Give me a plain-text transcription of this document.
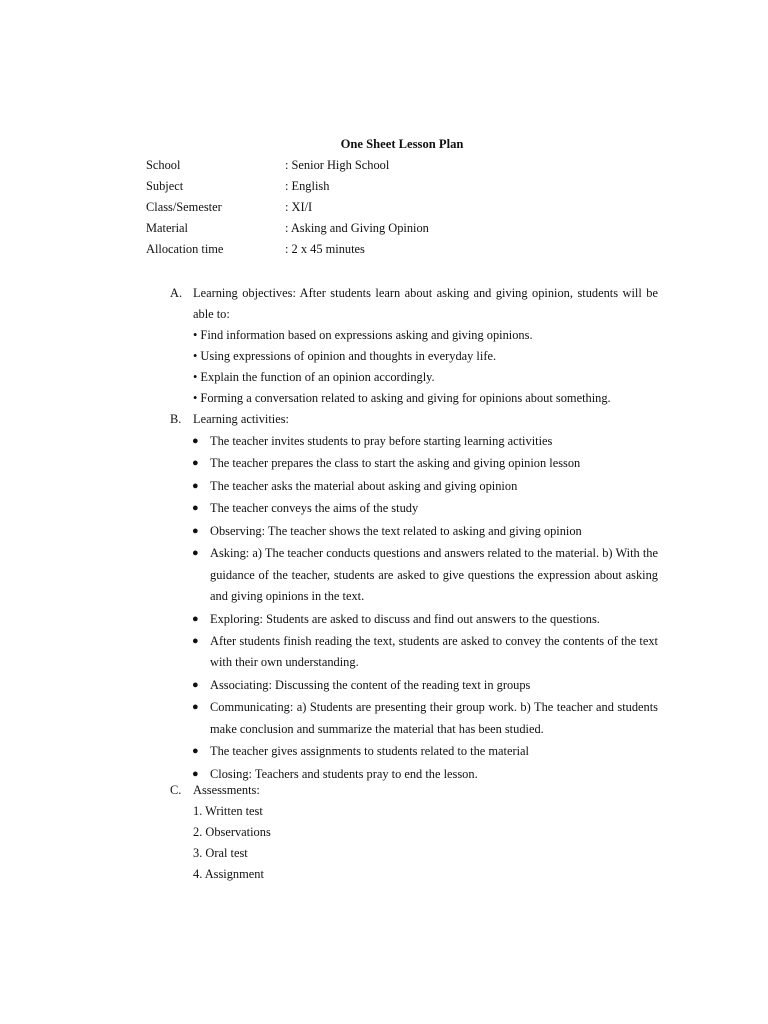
One Sheet Lesson Plan
School	: Senior High School
Subject	: English
Class/Semester	: XI/I
Material	: Asking and Giving Opinion
Allocation time	: 2 x 45 minutes
A. Learning objectives: After students learn about asking and giving opinion, students will be able to:
• Find information based on expressions asking and giving opinions.
• Using expressions of opinion and thoughts in everyday life.
• Explain the function of an opinion accordingly.
• Forming a conversation related to asking and giving for opinions about something.
B. Learning activities:
● The teacher invites students to pray before starting learning activities
● The teacher prepares the class to start the asking and giving opinion lesson
● The teacher asks the material about asking and giving opinion
● The teacher conveys the aims of the study
● Observing: The teacher shows the text related to asking and giving opinion
● Asking: a) The teacher conducts questions and answers related to the material. b) With the guidance of the teacher, students are asked to give questions the expression about asking and giving opinions in the text.
● Exploring: Students are asked to discuss and find out answers to the questions.
● After students finish reading the text, students are asked to convey the contents of the text with their own understanding.
● Associating: Discussing the content of the reading text in groups
● Communicating: a) Students are presenting their group work. b) The teacher and students make conclusion and summarize the material that has been studied.
● The teacher gives assignments to students related to the material
● Closing: Teachers and students pray to end the lesson.
C. Assessments:
1. Written test
2. Observations
3. Oral test
4. Assignment
